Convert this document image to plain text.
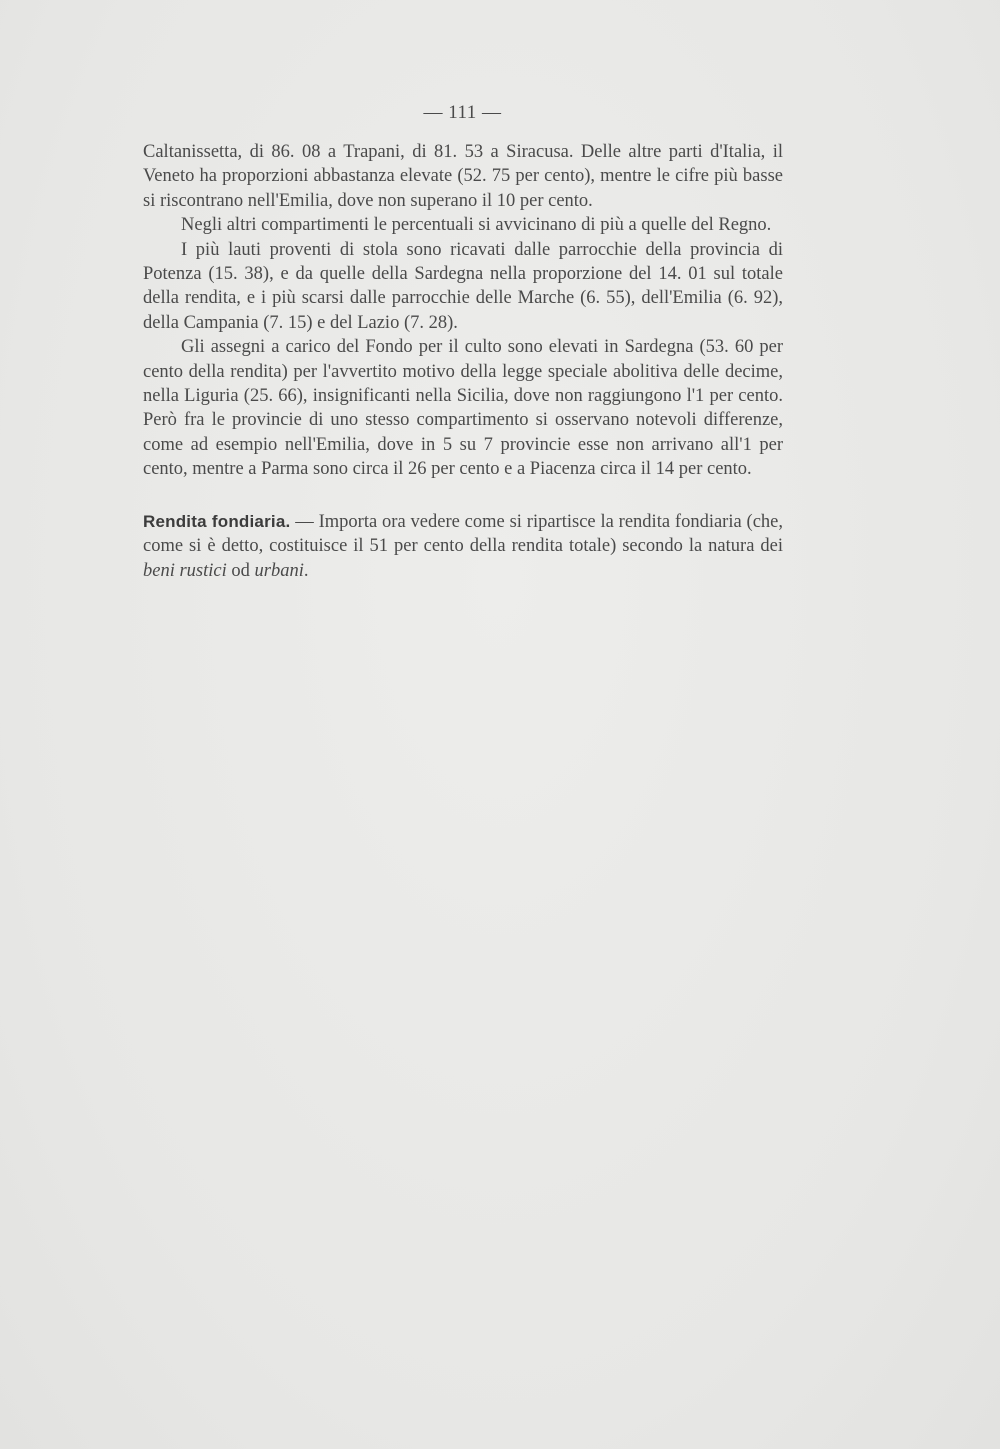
— 111 —

Caltanissetta, di 86. 08 a Trapani, di 81. 53 a Siracusa. Delle altre parti d'Italia, il Veneto ha proporzioni abbastanza elevate (52. 75 per cento), mentre le cifre più basse si riscontrano nell'Emilia, dove non superano il 10 per cento.

Negli altri compartimenti le percentuali si avvicinano di più a quelle del Regno.

I più lauti proventi di stola sono ricavati dalle parrocchie della provincia di Potenza (15. 38), e da quelle della Sardegna nella proporzione del 14. 01 sul totale della rendita, e i più scarsi dalle parrocchie delle Marche (6. 55), dell'Emilia (6. 92), della Campania (7. 15) e del Lazio (7. 28).

Gli assegni a carico del Fondo per il culto sono elevati in Sardegna (53. 60 per cento della rendita) per l'avvertito motivo della legge speciale abolitiva delle decime, nella Liguria (25. 66), insignificanti nella Sicilia, dove non raggiungono l'1 per cento. Però fra le provincie di uno stesso compartimento si osservano notevoli differenze, come ad esempio nell'Emilia, dove in 5 su 7 provincie esse non arrivano all'1 per cento, mentre a Parma sono circa il 26 per cento e a Piacenza circa il 14 per cento.

Rendita fondiaria. — Importa ora vedere come si ripartisce la rendita fondiaria (che, come si è detto, costituisce il 51 per cento della rendita totale) secondo la natura dei beni rustici od urbani.
